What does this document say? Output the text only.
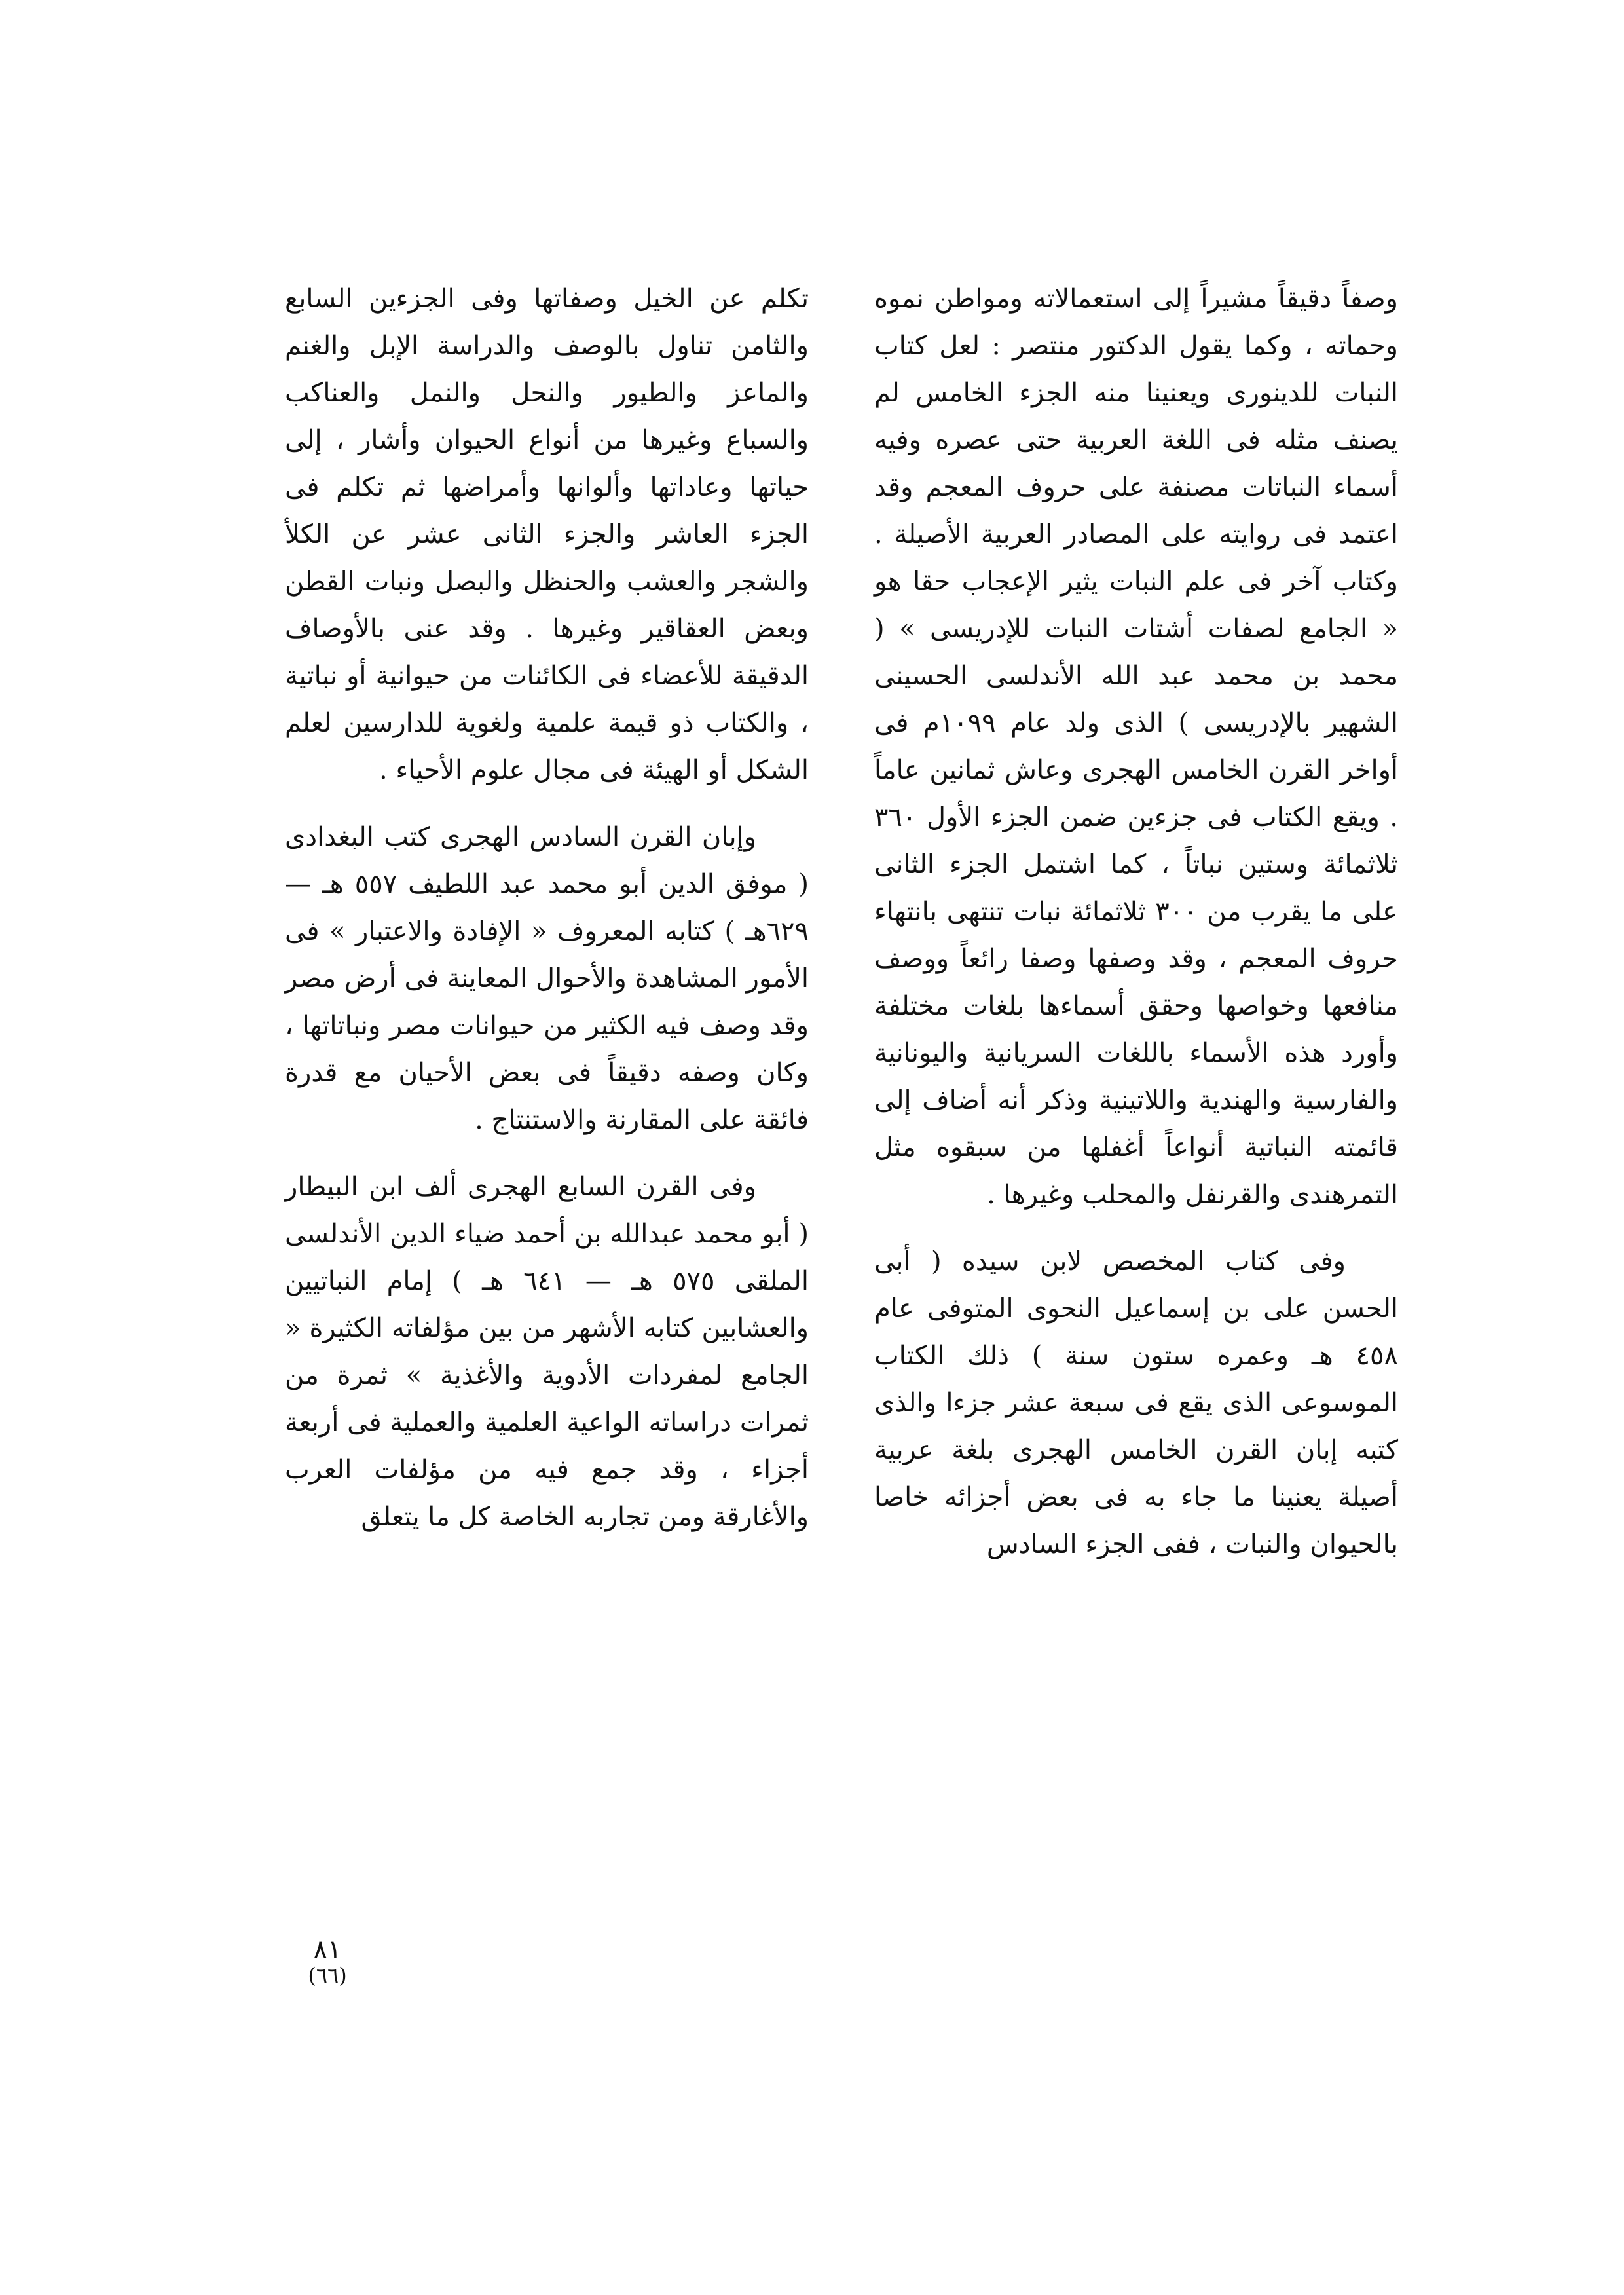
وصفاً دقيقاً مشيراً إلى استعمالاته ومواطن نموه وحماته ، وكما يقول الدكتور منتصر : لعل كتاب النبات للدينورى ويعنينا منه الجزء الخامس لم يصنف مثله فى اللغة العربية حتى عصره وفيه أسماء النباتات مصنفة على حروف المعجم وقد اعتمد فى روايته على المصادر العربية الأصيلة . وكتاب آخر فى علم النبات يثير الإعجاب حقا هو « الجامع لصفات أشتات النبات للإدريسى » ( محمد بن محمد عبد الله الأندلسى الحسينى الشهير بالإدريسى ) الذى ولد عام ١٠٩٩م فى أواخر القرن الخامس الهجرى وعاش ثمانين عاماً . ويقع الكتاب فى جزءين ضمن الجزء الأول ٣٦٠ ثلاثمائة وستين نباتاً ، كما اشتمل الجزء الثانى على ما يقرب من ٣٠٠ ثلاثمائة نبات تنتهى بانتهاء حروف المعجم ، وقد وصفها وصفا رائعاً ووصف منافعها وخواصها وحقق أسماءها بلغات مختلفة وأورد هذه الأسماء باللغات السريانية واليونانية والفارسية والهندية واللاتينية وذكر أنه أضاف إلى قائمته النباتية أنواعاً أغفلها من سبقوه مثل التمرهندى والقرنفل والمحلب وغيرها .

وفى كتاب المخصص لابن سيده ( أبى الحسن على بن إسماعيل النحوى المتوفى عام ٤٥٨ هـ وعمره ستون سنة ) ذلك الكتاب الموسوعى الذى يقع فى سبعة عشر جزءا والذى كتبه إبان القرن الخامس الهجرى بلغة عربية أصيلة يعنينا ما جاء به فى بعض أجزائه خاصا بالحيوان والنبات ، ففى الجزء السادس

تكلم عن الخيل وصفاتها وفى الجزءين السابع والثامن تناول بالوصف والدراسة الإبل والغنم والماعز والطيور والنحل والنمل والعناكب والسباع وغيرها من أنواع الحيوان وأشار ، إلى حياتها وعاداتها وألوانها وأمراضها ثم تكلم فى الجزء العاشر والجزء الثانى عشر عن الكلأ والشجر والعشب والحنظل والبصل ونبات القطن وبعض العقاقير وغيرها . وقد عنى بالأوصاف الدقيقة للأعضاء فى الكائنات من حيوانية أو نباتية ، والكتاب ذو قيمة علمية ولغوية للدارسين لعلم الشكل أو الهيئة فى مجال علوم الأحياء .

وإبان القرن السادس الهجرى كتب البغدادى ( موفق الدين أبو محمد عبد اللطيف ٥٥٧ هـ — ٦٢٩هـ ) كتابه المعروف « الإفادة والاعتبار » فى الأمور المشاهدة والأحوال المعاينة فى أرض مصر وقد وصف فيه الكثير من حيوانات مصر ونباتاتها ، وكان وصفه دقيقاً فى بعض الأحيان مع قدرة فائقة على المقارنة والاستنتاج .

وفى القرن السابع الهجرى ألف ابن البيطار ( أبو محمد عبدالله بن أحمد ضياء الدين الأندلسى الملقى ٥٧٥ هـ — ٦٤١ هـ ) إمام النباتيين والعشابين كتابه الأشهر من بين مؤلفاته الكثيرة « الجامع لمفردات الأدوية والأغذية » ثمرة من ثمرات دراساته الواعية العلمية والعملية فى أربعة أجزاء ، وقد جمع فيه من مؤلفات العرب والأغارقة ومن تجاربه الخاصة كل ما يتعلق

٨١
(٦٦)
